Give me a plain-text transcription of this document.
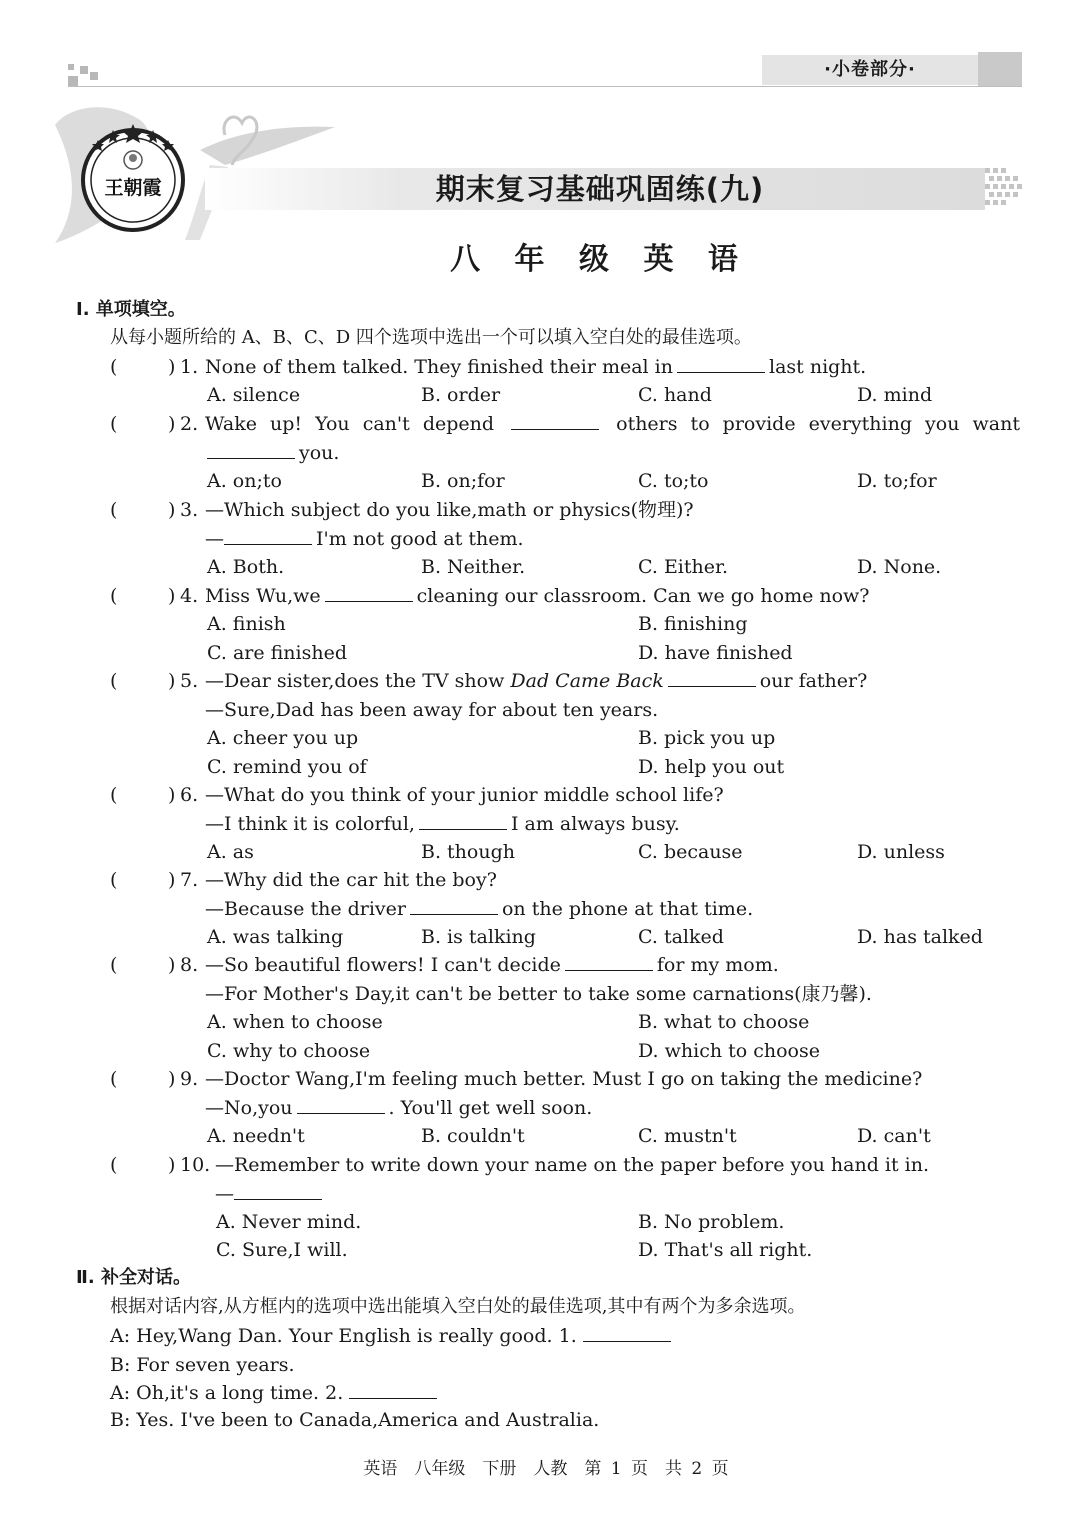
·小卷部分·
王朝霞	期末复习基础巩固练(九)
八 年 级 英 语
Ⅰ. 单项填空。
从每小题所给的 A、B、C、D 四个选项中选出一个可以填入空白处的最佳选项。
(	) 1. None of them talked. They finished their meal in	last night.
A. silence	B. order	C. hand	D. mind
(	) 2. Wake up! You can't depend	others to provide everything you want
you.
A. on;to	B. on;for	C. to;to	D. to;for
(	) 3. —Which subject do you like,math or physics(物理)?
—	I'm not good at them.
A. Both.	B. Neither.	C. Either.	D. None.
(	) 4. Miss Wu,we	cleaning our classroom. Can we go home now?
A. finish	B. finishing
C. are finished	D. have finished
(	) 5. —Dear sister,does the TV show Dad Came Back	our father?
—Sure,Dad has been away for about ten years.
A. cheer you up	B. pick you up
C. remind you of	D. help you out
(	) 6. —What do you think of your junior middle school life?
—I think it is colorful,	I am always busy.
A. as	B. though	C. because	D. unless
(	) 7. —Why did the car hit the boy?
—Because the driver	on the phone at that time.
A. was talking	B. is talking	C. talked	D. has talked
(	) 8. —So beautiful flowers! I can't decide	for my mom.
—For Mother's Day,it can't be better to take some carnations(康乃馨).
A. when to choose	B. what to choose
C. why to choose	D. which to choose
(	) 9. —Doctor Wang,I'm feeling much better. Must I go on taking the medicine?
—No,you	. You'll get well soon.
A. needn't	B. couldn't	C. mustn't	D. can't
(	) 10. —Remember to write down your name on the paper before you hand it in.
—
A. Never mind.	B. No problem.
C. Sure,I will.	D. That's all right.
Ⅱ. 补全对话。
根据对话内容,从方框内的选项中选出能填入空白处的最佳选项,其中有两个为多余选项。
A: Hey,Wang Dan. Your English is really good. 1.
B: For seven years.
A: Oh,it's a long time. 2.
B: Yes. I've been to Canada,America and Australia.
英语　八年级　下册　人教　第 1 页　共 2 页
